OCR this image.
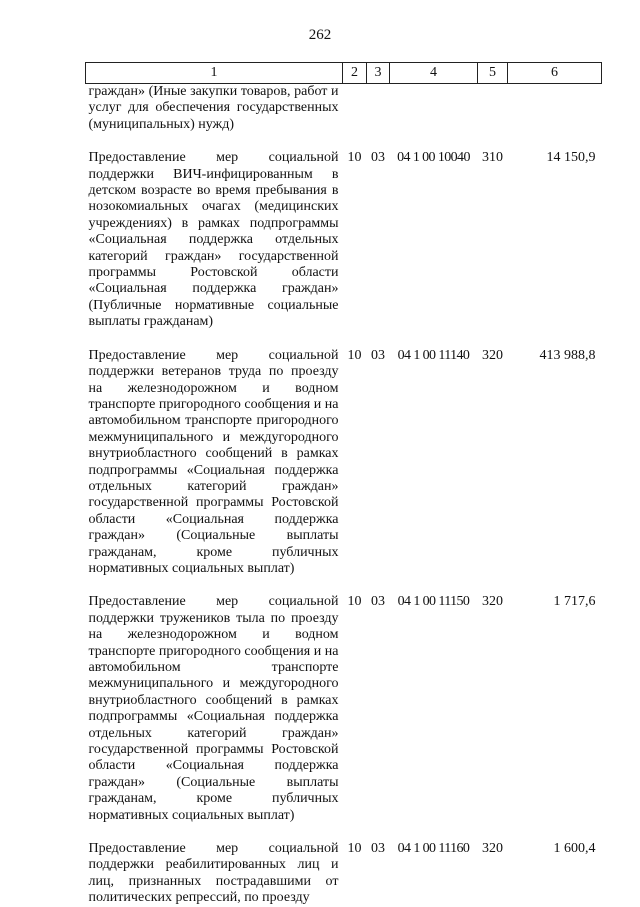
262
1	2	3	4	5	6
граждан» (Иные закупки товаров, работ и услуг для обеспечения государственных (муниципальных) нужд)					

Предоставление мер социальной поддержки ВИЧ-инфицированным в детском возрасте во время пребывания в нозокомиальных очагах (медицинских учреждениях) в рамках подпрограммы «Социальная поддержка отдельных категорий граждан» государственной программы Ростовской области «Социальная поддержка граждан» (Публичные нормативные социальные выплаты гражданам)	10	03	04 1 00 10040	310	14 150,9

Предоставление мер социальной поддержки ветеранов труда по проезду на железнодорожном и водном транспорте пригородного сообщения и на автомобильном транспорте пригородного межмуниципального и междугородного внутриобластного сообщений в рамках подпрограммы «Социальная поддержка отдельных категорий граждан» государственной программы Ростовской области «Социальная поддержка граждан» (Социальные выплаты гражданам, кроме публичных нормативных социальных выплат)	10	03	04 1 00 11140	320	413 988,8

Предоставление мер социальной поддержки тружеников тыла по проезду на железнодорожном и водном транспорте пригородного сообщения и на автомобильном транспорте межмуниципального и междугородного внутриобластного сообщений в рамках подпрограммы «Социальная поддержка отдельных категорий граждан» государственной программы Ростовской области «Социальная поддержка граждан» (Социальные выплаты гражданам, кроме публичных нормативных социальных выплат)	10	03	04 1 00 11150	320	1 717,6

Предоставление мер социальной поддержки реабилитированных лиц и лиц, признанных пострадавшими от политических репрессий, по проезду	10	03	04 1 00 11160	320	1 600,4
